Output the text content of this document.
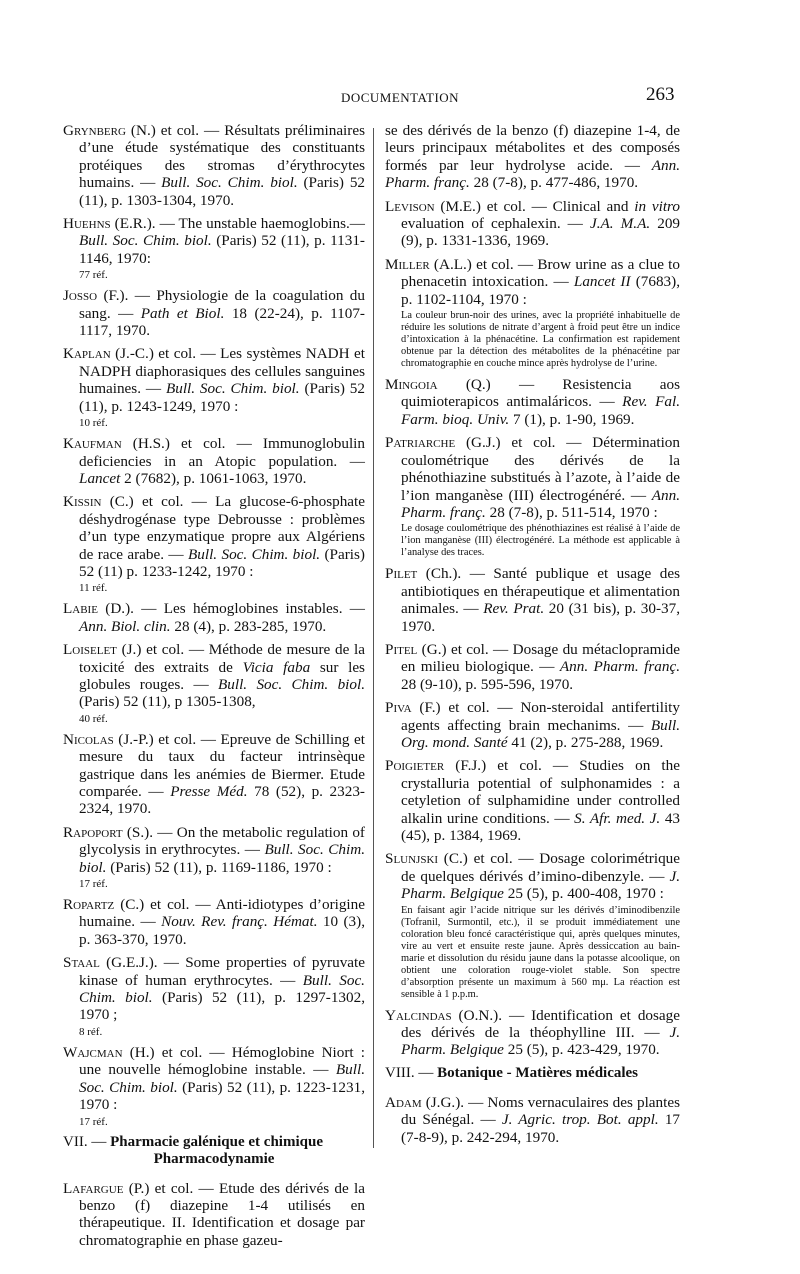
DOCUMENTATION	263

Grynberg (N.) et col. — Résultats préliminaires d’une étude systématique des constituants protéiques des stromas d’érythrocytes humains. — Bull. Soc. Chim. biol. (Paris) 52 (11), p. 1303-1304, 1970.

Huehns (E.R.). — The unstable haemoglobins.— Bull. Soc. Chim. biol. (Paris) 52 (11), p. 1131-1146, 1970:

77 réf.

Josso (F.). — Physiologie de la coagulation du sang. — Path et Biol. 18 (22-24), p. 1107-1117, 1970.

Kaplan (J.-C.) et col. — Les systèmes NADH et NADPH diaphorasiques des cellules sanguines humaines. — Bull. Soc. Chim. biol. (Paris) 52 (11), p. 1243-1249, 1970 :

10 réf.

Kaufman (H.S.) et col. — Immunoglobulin deficiencies in an Atopic population. — Lancet 2 (7682), p. 1061-1063, 1970.

Kissin (C.) et col. — La glucose-6-phosphate déshydrogénase type Debrousse : problèmes d’un type enzymatique propre aux Algériens de race arabe. — Bull. Soc. Chim. biol. (Paris) 52 (11) p. 1233-1242, 1970 :

11 réf.

Labie (D.). — Les hémoglobines instables. — Ann. Biol. clin. 28 (4), p. 283-285, 1970.

Loiselet (J.) et col. — Méthode de mesure de la toxicité des extraits de Vicia faba sur les globules rouges. — Bull. Soc. Chim. biol. (Paris) 52 (11), p 1305-1308,

40 réf.

Nicolas (J.-P.) et col. — Epreuve de Schilling et mesure du taux du facteur intrinsèque gastrique dans les anémies de Biermer. Etude comparée. — Presse Méd. 78 (52), p. 2323-2324, 1970.

Rapoport (S.). — On the metabolic regulation of glycolysis in erythrocytes. — Bull. Soc. Chim. biol. (Paris) 52 (11), p. 1169-1186, 1970 :

17 réf.

Ropartz (C.) et col. — Anti-idiotypes d’origine humaine. — Nouv. Rev. franç. Hémat. 10 (3), p. 363-370, 1970.

Staal (G.E.J.). — Some properties of pyruvate kinase of human erythrocytes. — Bull. Soc. Chim. biol. (Paris) 52 (11), p. 1297-1302, 1970 ;

8 réf.

Wajcman (H.) et col. — Hémoglobine Niort : une nouvelle hémoglobine instable. — Bull. Soc. Chim. biol. (Paris) 52 (11), p. 1223-1231, 1970 :

17 réf.
VII. — Pharmacie galénique et chimique
Pharmacodynamie

Lafargue (P.) et col. — Etude des dérivés de la benzo (f) diazepine 1-4 utilisés en thérapeutique. II. Identification et dosage par chromatographie en phase gazeu-

se des dérivés de la benzo (f) diazepine 1-4, de leurs principaux métabolites et des composés formés par leur hydrolyse acide. — Ann. Pharm. franç. 28 (7-8), p. 477-486, 1970.

Levison (M.E.) et col. — Clinical and in vitro evaluation of cephalexin. — J.A. M.A. 209 (9), p. 1331-1336, 1969.

Miller (A.L.) et col. — Brow urine as a clue to phenacetin intoxication. — Lancet II (7683), p. 1102-1104, 1970 :

La couleur brun-noir des urines, avec la propriété inhabituelle de réduire les solutions de nitrate d’argent à froid peut être un indice d’intoxication à la phénacétine. La confirmation est rapidement obtenue par la détection des métabolites de la phénacétine par chromatographie en couche mince après hydrolyse de l’urine.

Mingoia (Q.) — Resistencia aos quimioterapicos antimaláricos. — Rev. Fal. Farm. bioq. Univ. 7 (1), p. 1-90, 1969.

Patriarche (G.J.) et col. — Détermination coulométrique des dérivés de la phénothiazine substitués à l’azote, à l’aide de l’ion manganèse (III) électrogénéré. — Ann. Pharm. franç. 28 (7-8), p. 511-514, 1970 :

Le dosage coulométrique des phénothiazines est réalisé à l’aide de l’ion manganèse (III) électrogénéré. La méthode est applicable à l’analyse des traces.

Pilet (Ch.). — Santé publique et usage des antibiotiques en thérapeutique et alimentation animales. — Rev. Prat. 20 (31 bis), p. 30-37, 1970.

Pitel (G.) et col. — Dosage du métaclopramide en milieu biologique. — Ann. Pharm. franç. 28 (9-10), p. 595-596, 1970.

Piva (F.) et col. — Non-steroidal antifertility agents affecting brain mechanims. — Bull. Org. mond. Santé 41 (2), p. 275-288, 1969.

Poigieter (F.J.) et col. — Studies on the crystalluria potential of sulphonamides : a cetyletion of sulphamidine under controlled alkalin urine conditions. — S. Afr. med. J. 43 (45), p. 1384, 1969.

Slunjski (C.) et col. — Dosage colorimétrique de quelques dérivés d’imino-dibenzyle. — J. Pharm. Belgique 25 (5), p. 400-408, 1970 :

En faisant agir l’acide nitrique sur les dérivés d’iminodibenzile (Tofranil, Surmontil, etc.), il se produit immédiatement une coloration bleu foncé caractéristique qui, après quelques minutes, vire au vert et ensuite reste jaune. Après dessiccation au bain-marie et dissolution du résidu jaune dans la potasse alcoolique, on obtient une coloration rouge-violet stable. Son spectre d’absorption présente un maximum à 560 mμ. La réaction est sensible à 1 p.p.m.

Yalcindas (O.N.). — Identification et dosage des dérivés de la théophylline III. — J. Pharm. Belgique 25 (5), p. 423-429, 1970.

VIII. — Botanique - Matières médicales

Adam (J.G.). — Noms vernaculaires des plantes du Sénégal. — J. Agric. trop. Bot. appl. 17 (7-8-9), p. 242-294, 1970.
